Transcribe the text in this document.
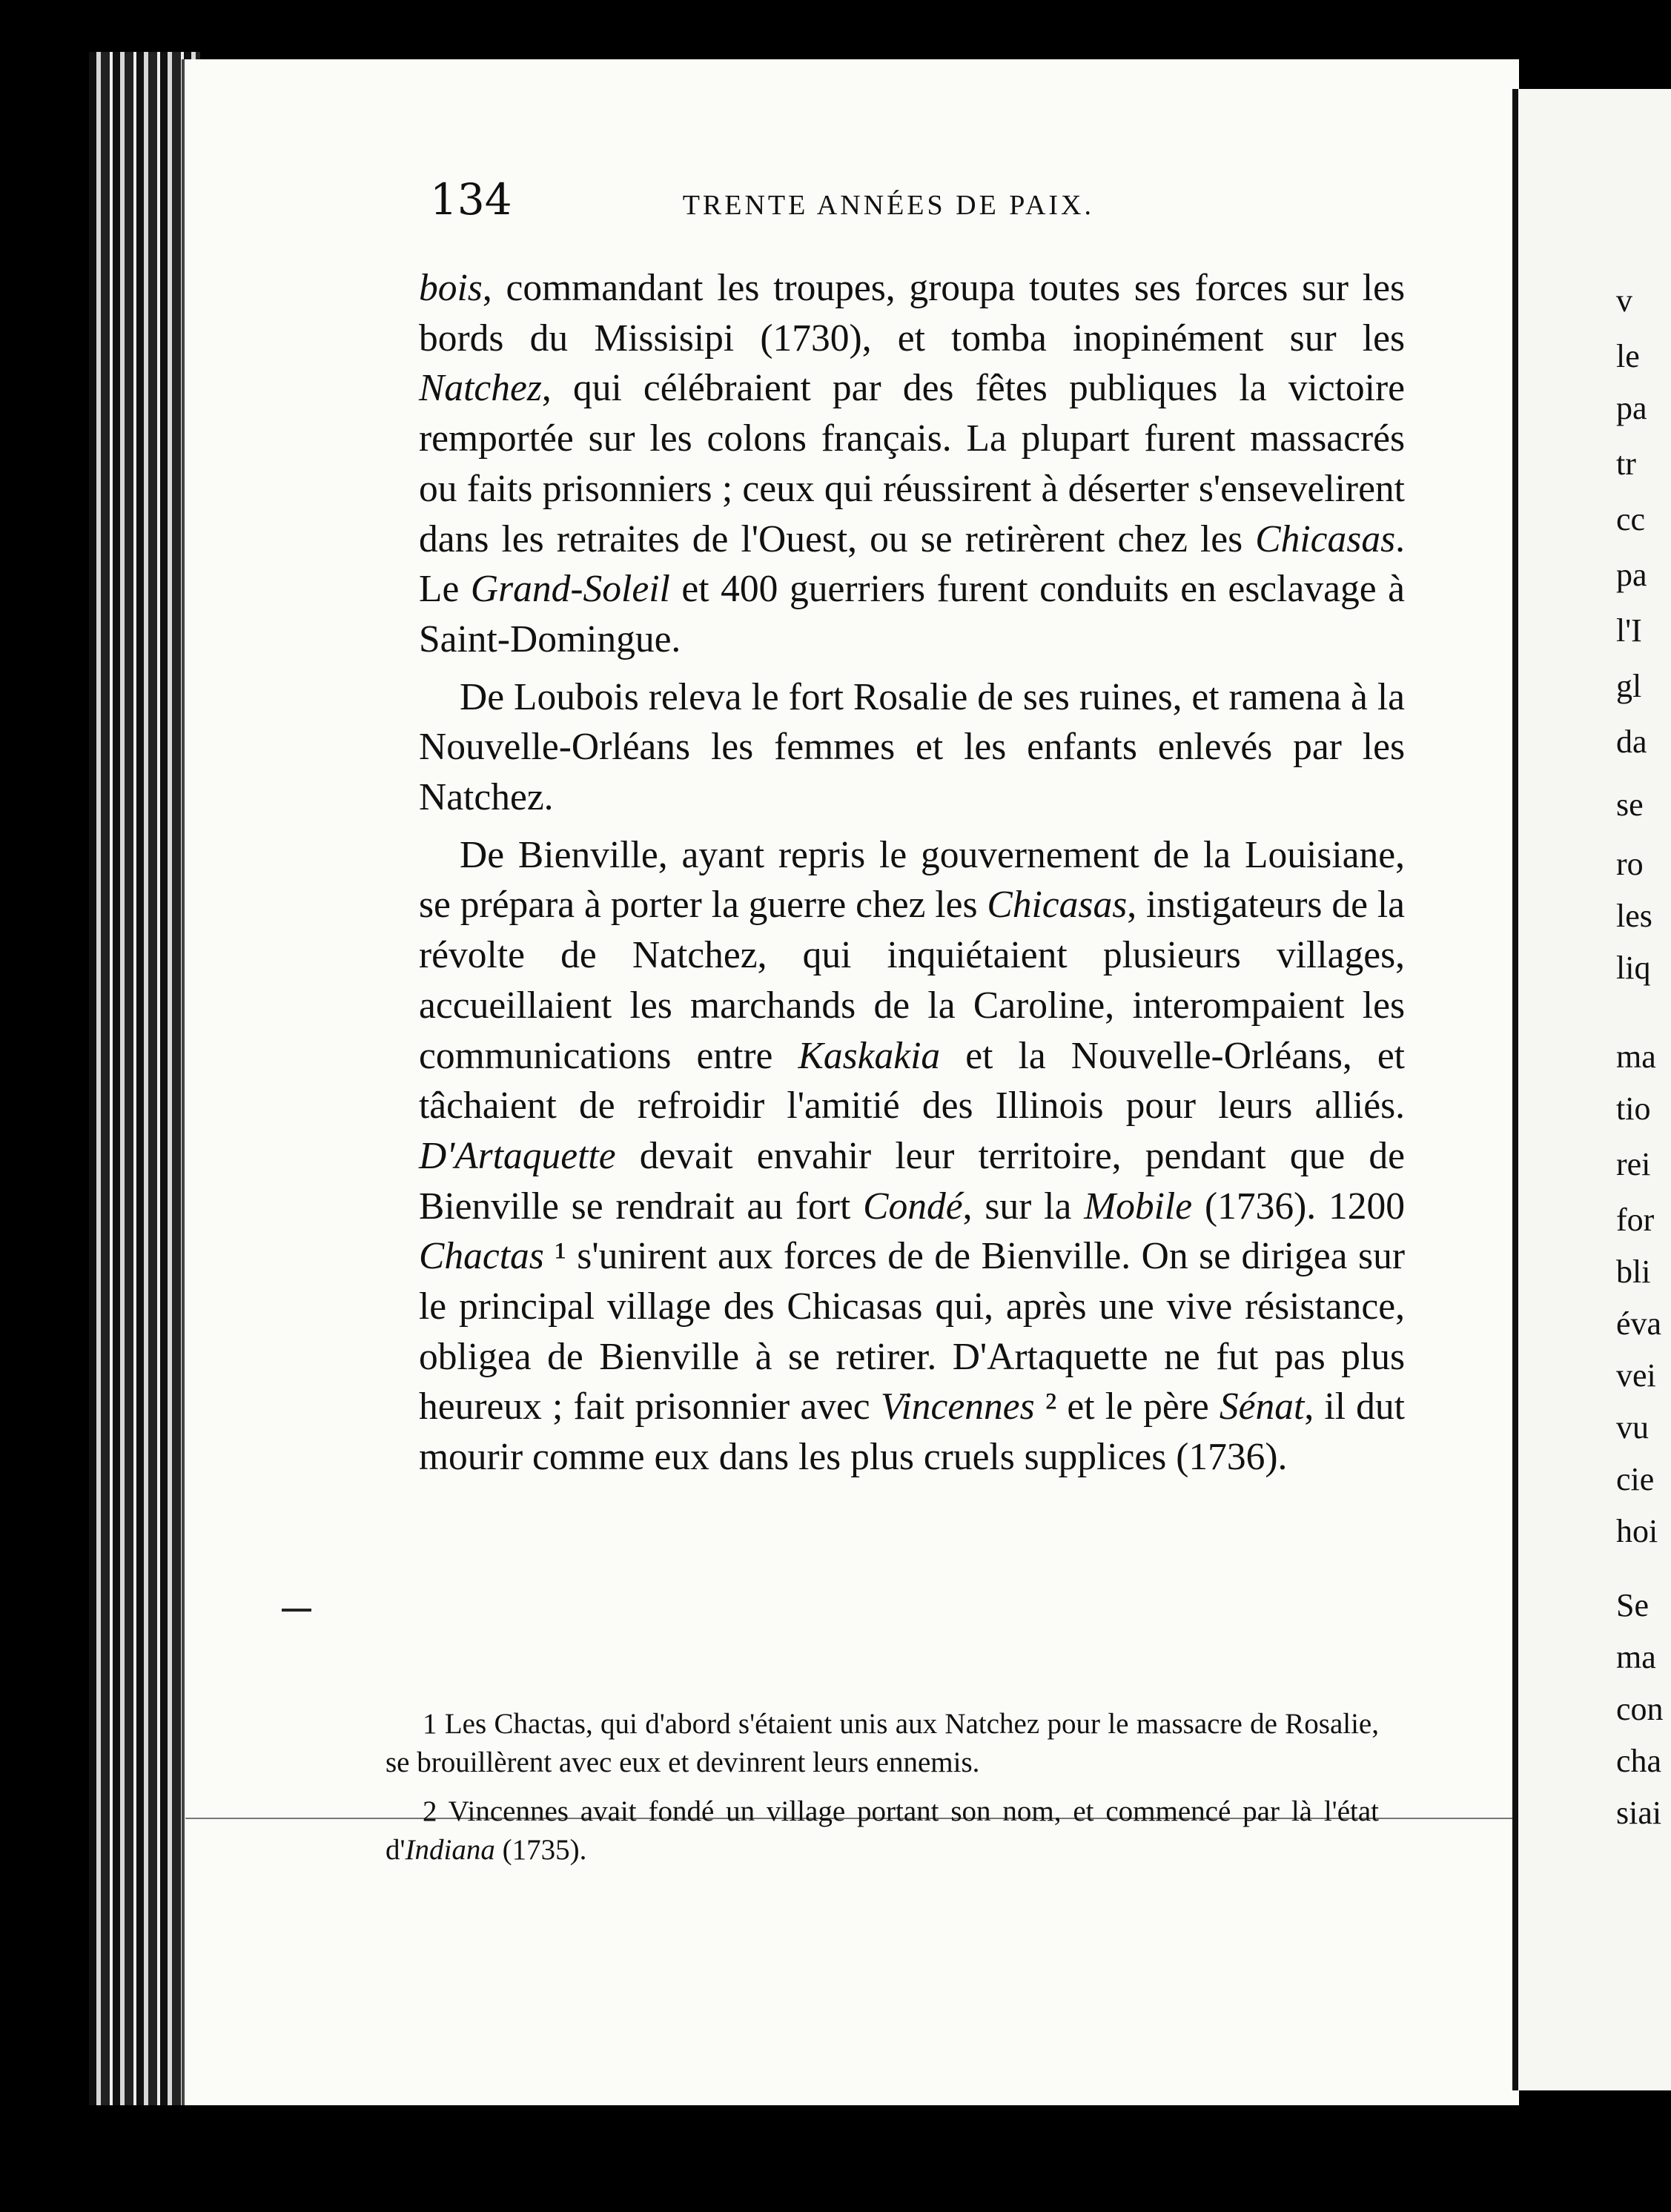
v
le
pa
tr
cc
pa
l'I
gl
da
se
ro
les
liq
ma
tio
rei
for
bli
éva
vei
vu
cie
hoi
Se
ma
con
cha
siai
134	TRENTE ANNÉES DE PAIX.

bois, commandant les troupes, groupa toutes ses forces sur les bords du Missisipi (1730), et tomba inopinément sur les Natchez, qui célébraient par des fêtes publiques la victoire remportée sur les colons français. La plupart furent massacrés ou faits prisonniers ; ceux qui réussirent à déserter s'ensevelirent dans les retraites de l'Ouest, ou se retirèrent chez les Chicasas. Le Grand-Soleil et 400 guerriers furent conduits en esclavage à Saint-Domingue.

De Loubois releva le fort Rosalie de ses ruines, et ramena à la Nouvelle-Orléans les femmes et les enfants enlevés par les Natchez.

De Bienville, ayant repris le gouvernement de la Louisiane, se prépara à porter la guerre chez les Chicasas, instigateurs de la révolte de Natchez, qui inquiétaient plusieurs villages, accueillaient les marchands de la Caroline, interompaient les communications entre Kaskakia et la Nouvelle-Orléans, et tâchaient de refroidir l'amitié des Illinois pour leurs alliés. D'Artaquette devait envahir leur territoire, pendant que de Bienville se rendrait au fort Condé, sur la Mobile (1736). 1200 Chactas ¹ s'unirent aux forces de de Bienville. On se dirigea sur le principal village des Chicasas qui, après une vive résistance, obligea de Bienville à se retirer. D'Artaquette ne fut pas plus heureux ; fait prisonnier avec Vincennes ² et le père Sénat, il dut mourir comme eux dans les plus cruels supplices (1736).

1 Les Chactas, qui d'abord s'étaient unis aux Natchez pour le massacre de Rosalie, se brouillèrent avec eux et devinrent leurs ennemis.

2 Vincennes avait fondé un village portant son nom, et commencé par là l'état d'Indiana (1735).
